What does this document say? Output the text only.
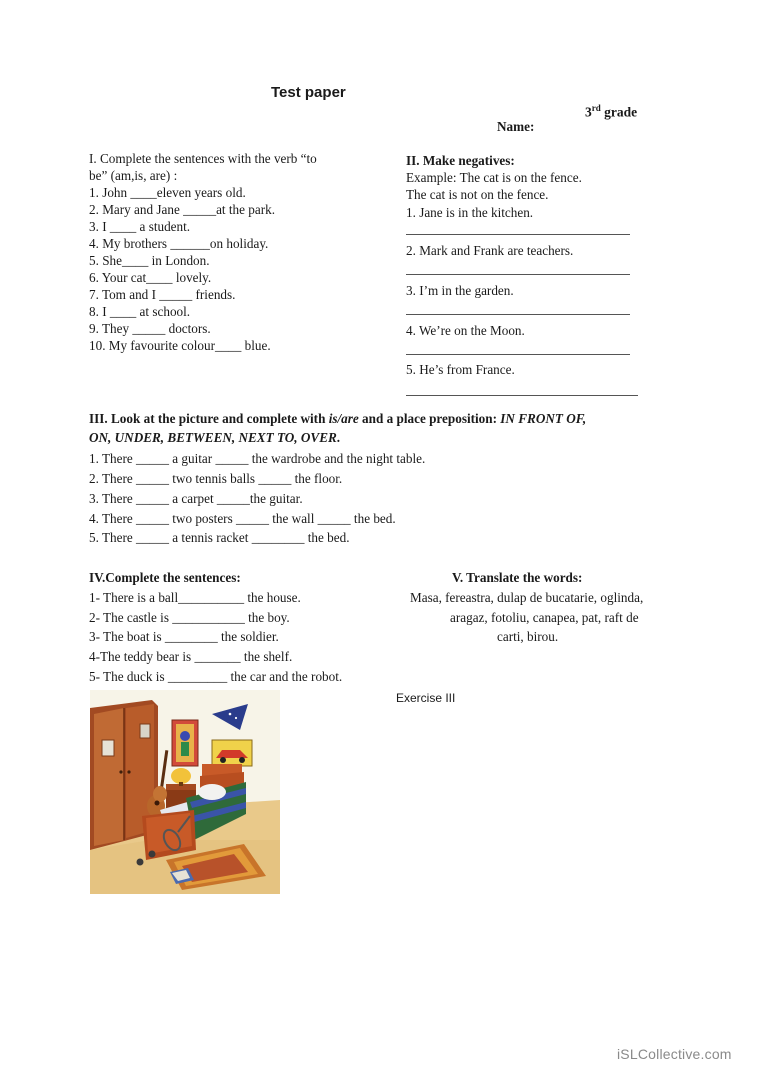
Test paper
3rd grade
Name:
I. Complete the sentences with the verb “to
be” (am,is, are) :
1. John ____eleven years old.
2. Mary and Jane _____at the park.
3. I ____ a student.
4. My brothers ______on holiday.
5. She____ in London.
6. Your cat____ lovely.
7. Tom and I _____ friends.
8. I ____ at school.
9. They _____ doctors.
10. My favourite colour____ blue.
II. Make negatives:
Example: The cat is on the fence.
The cat is not on the fence.
1. Jane is in the kitchen.
2. Mark and Frank are teachers.
3. I’m in the garden.
4. We’re on the Moon.
5. He’s from France.
III. Look at the picture and complete with is/are and a place preposition: IN FRONT OF,
ON, UNDER, BETWEEN, NEXT TO, OVER.
1. There _____ a guitar _____ the wardrobe and the night table.
2. There _____ two tennis balls _____ the floor.
3. There _____ a carpet _____the guitar.
4. There _____ two posters _____ the wall _____ the bed.
5. There _____ a tennis racket ________ the bed.
IV.Complete the sentences:
1- There is a ball__________ the house.
2- The castle is ___________ the boy.
3- The boat is ________ the soldier.
4-The teddy bear is _______ the shelf.
5- The duck is _________ the car and the robot.
V. Translate the words:
Masa, fereastra, dulap de bucatarie, oglinda,
aragaz, fotoliu, canapea, pat, raft de
carti, birou.
Exercise III
iSLCollective.com
